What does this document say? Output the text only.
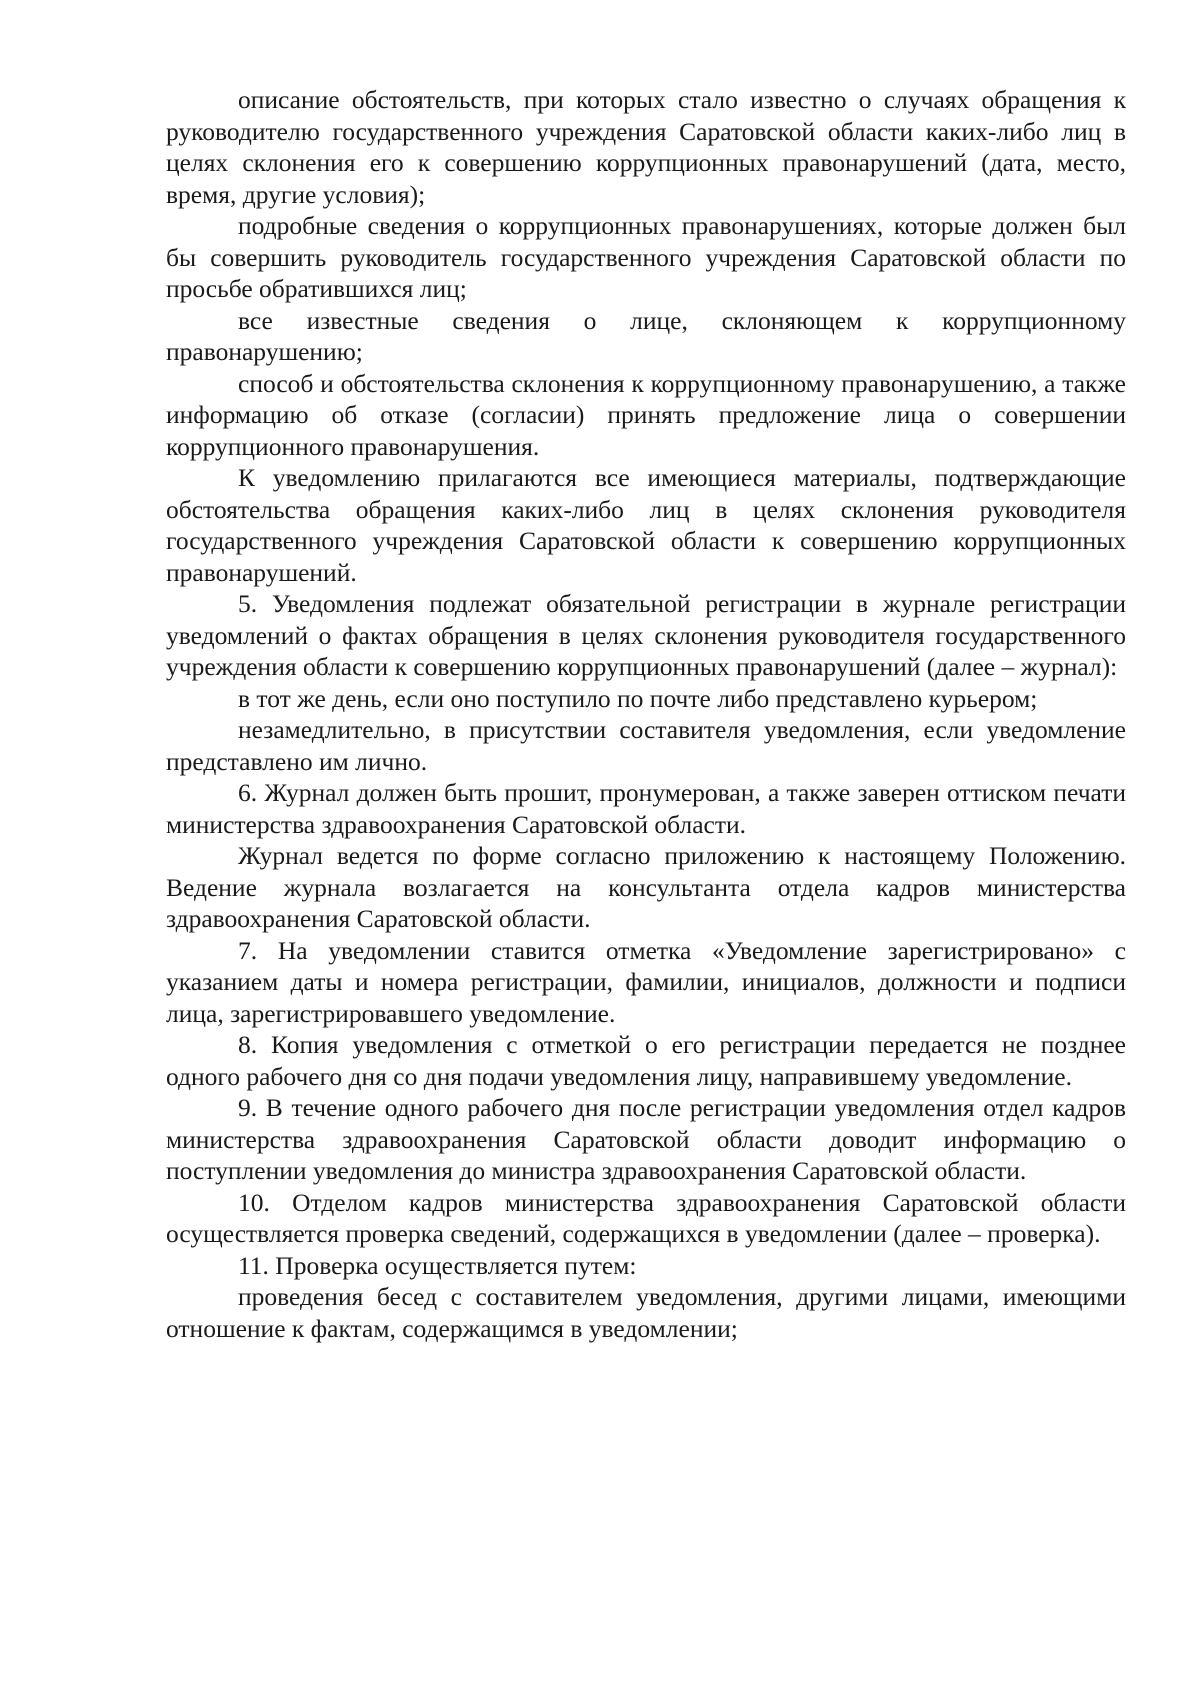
описание обстоятельств, при которых стало известно о случаях обращения к руководителю государственного учреждения Саратовской области каких-либо лиц в целях склонения его к совершению коррупционных правонарушений (дата, место, время, другие условия);

подробные сведения о коррупционных правонарушениях, которые должен был бы совершить руководитель государственного учреждения Саратовской области по просьбе обратившихся лиц;

все известные сведения о лице, склоняющем к коррупционному правонарушению;

способ и обстоятельства склонения к коррупционному правонарушению, а также информацию об отказе (согласии) принять предложение лица о совершении коррупционного правонарушения.

К уведомлению прилагаются все имеющиеся материалы, подтверждающие обстоятельства обращения каких-либо лиц в целях склонения руководителя государственного учреждения Саратовской области к совершению коррупционных правонарушений.

5. Уведомления подлежат обязательной регистрации в журнале регистрации уведомлений о фактах обращения в целях склонения руководителя государственного учреждения области к совершению коррупционных правонарушений (далее – журнал):

в тот же день, если оно поступило по почте либо представлено курьером;

незамедлительно, в присутствии составителя уведомления, если уведомление представлено им лично.

6. Журнал должен быть прошит, пронумерован, а также заверен оттиском печати министерства здравоохранения Саратовской области.

Журнал ведется по форме согласно приложению к настоящему Положению. Ведение журнала возлагается на консультанта отдела кадров министерства здравоохранения Саратовской области.

7. На уведомлении ставится отметка «Уведомление зарегистрировано» с указанием даты и номера регистрации, фамилии, инициалов, должности и подписи лица, зарегистрировавшего уведомление.

8. Копия уведомления с отметкой о его регистрации передается не позднее одного рабочего дня со дня подачи уведомления лицу, направившему уведомление.

9. В течение одного рабочего дня после регистрации уведомления отдел кадров министерства здравоохранения Саратовской области доводит информацию о поступлении уведомления до министра здравоохранения Саратовской области.

10. Отделом кадров министерства здравоохранения Саратовской области осуществляется проверка сведений, содержащихся в уведомлении (далее – проверка).

11. Проверка осуществляется путем:

проведения бесед с составителем уведомления, другими лицами, имеющими отношение к фактам, содержащимся в уведомлении;
